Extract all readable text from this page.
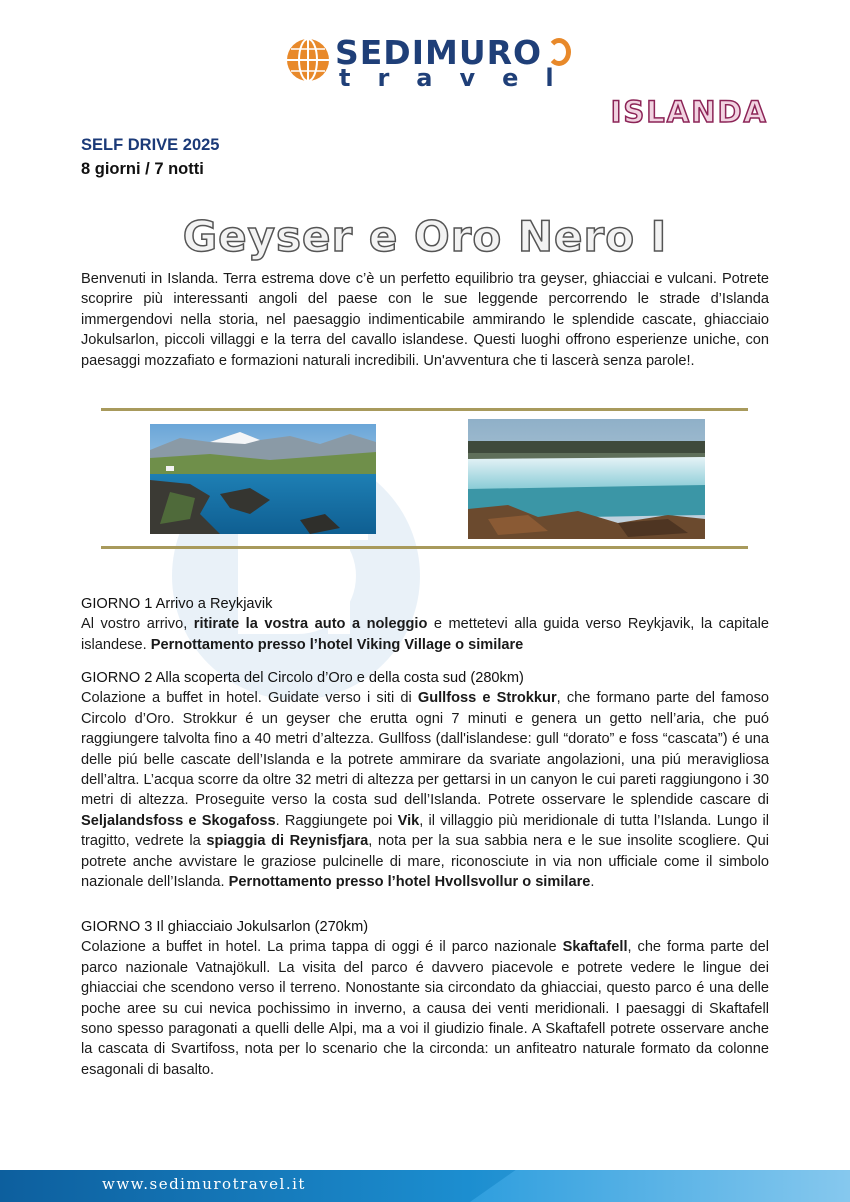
SEDIMURO
travel
ISLANDA
SELF DRIVE 2025
8 giorni / 7 notti
Geyser e Oro Nero I
Benvenuti in Islanda. Terra estrema dove c’è un perfetto equilibrio tra geyser, ghiacciai e vulcani. Potrete scoprire più interessanti angoli del paese con le sue leggende percorrendo le strade d’Islanda immergendovi nella storia, nel paesaggio indimenticabile ammirando le splendide cascate, ghiacciaio Jokulsarlon, piccoli villaggi e la terra del cavallo islandese. Questi luoghi offrono esperienze uniche, con paesaggi mozzafiato e formazioni naturali incredibili. Un'avventura che ti lascerà senza parole!.
GIORNO 1 Arrivo a Reykjavik
Al vostro arrivo, ritirate la vostra auto a noleggio e mettetevi alla guida verso Reykjavik, la capitale islandese. Pernottamento presso l’hotel Viking Village o similare
GIORNO 2 Alla scoperta del Circolo d’Oro e della costa sud (280km)
Colazione a buffet in hotel. Guidate verso i siti di Gullfoss e Strokkur, che formano parte del famoso Circolo d’Oro. Strokkur é un geyser che erutta ogni 7 minuti e genera un getto nell’aria, che puó raggiungere talvolta fino a 40 metri d’altezza. Gullfoss (dall'islandese: gull “dorato” e foss “cascata”) é una delle piú belle cascate dell’Islanda e la potrete ammirare da svariate angolazioni, una piú meravigliosa dell’altra. L’acqua scorre da oltre 32 metri di altezza per gettarsi in un canyon le cui pareti raggiungono i 30 metri di altezza. Proseguite verso la costa sud dell’Islanda. Potrete osservare le splendide cascare di Seljalandsfoss e Skogafoss. Raggiungete poi Vik, il villaggio più meridionale di tutta l’Islanda. Lungo il tragitto, vedrete la spiaggia di Reynisfjara, nota per la sua sabbia nera e le sue insolite scogliere. Qui potrete anche avvistare le graziose pulcinelle di mare, riconosciute in via non ufficiale come il simbolo nazionale dell’Islanda. Pernottamento presso l’hotel Hvollsvollur o similare.
GIORNO 3 Il ghiacciaio Jokulsarlon (270km)
Colazione a buffet in hotel. La prima tappa di oggi é il parco nazionale Skaftafell, che forma parte del parco nazionale Vatnajökull. La visita del parco é davvero piacevole e potrete vedere le lingue dei ghiacciai che scendono verso il terreno. Nonostante sia circondato da ghiacciai, questo parco é una delle poche aree su cui nevica pochissimo in inverno, a causa dei venti meridionali. I paesaggi di Skaftafell sono spesso paragonati a quelli delle Alpi, ma a voi il giudizio finale. A Skaftafell potrete osservare anche la cascata di Svartifoss, nota per lo scenario che la circonda: un anfiteatro naturale formato da colonne esagonali di basalto.
www.sedimurotravel.it
